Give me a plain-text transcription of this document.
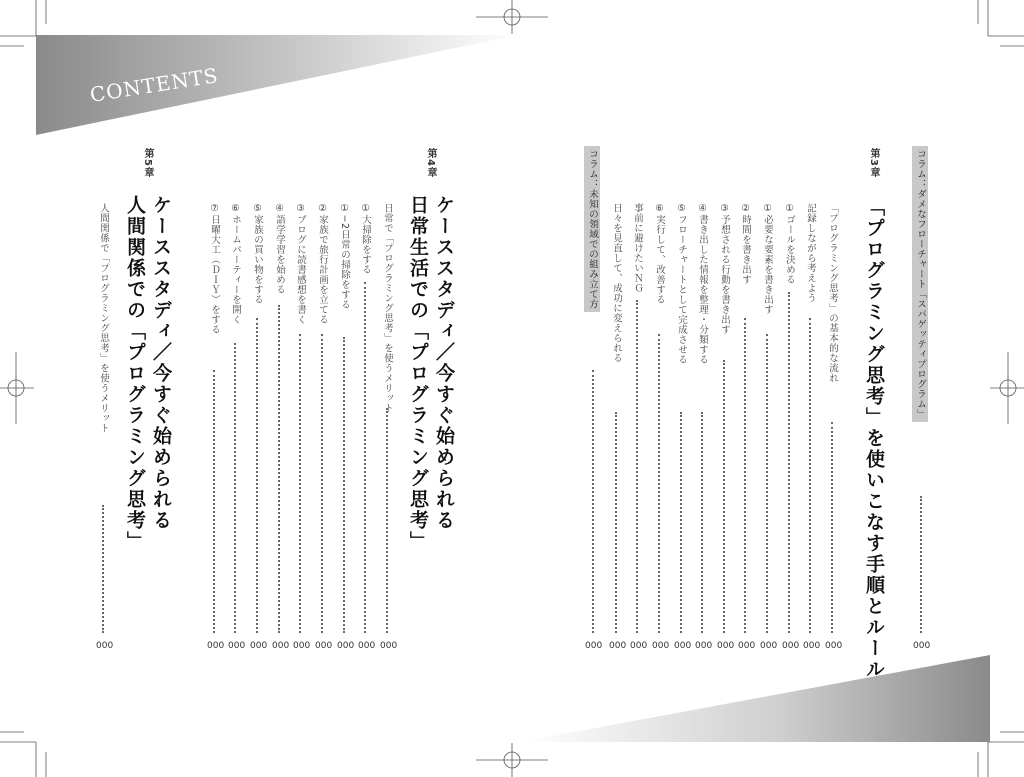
CONTENTS
第5章
ケーススタディ／今すぐ始められる
人間関係での「プログラミング思考」
人間関係で「プログラミング思考」を使うメリット
000
第4章
ケーススタディ／今すぐ始められる
日常生活での「プログラミング思考」
日常で「プログラミング思考」を使うメリット
000
①大掃除をする
000
①−2日常の掃除をする
000
②家族で旅行計画を立てる
000
③ブログに読書感想を書く
000
④語学学習を始める
000
⑤家族の買い物をする
000
⑥ホームパーティーを開く
000
⑦日曜大工（ＤＩＹ）をする
000
コラム：ダメなフローチャート「スパゲッティプログラム」
000
第3章
「プログラミング思考」を使いこなす手順とルール
「プログラミング思考」の基本的な流れ
000
記録しながら考えよう
000
①ゴールを決める
000
①必要な要素を書き出す
000
②時間を書き出す
000
③予想される行動を書き出す
000
④書き出した情報を整理・分類する
000
⑤フローチャートとして完成させる
000
⑥実行して、改善する
000
事前に避けたいＮＧ
000
日々を見直して、成功に変えられる
000
コラム：未知の領域での組み立て方
000
